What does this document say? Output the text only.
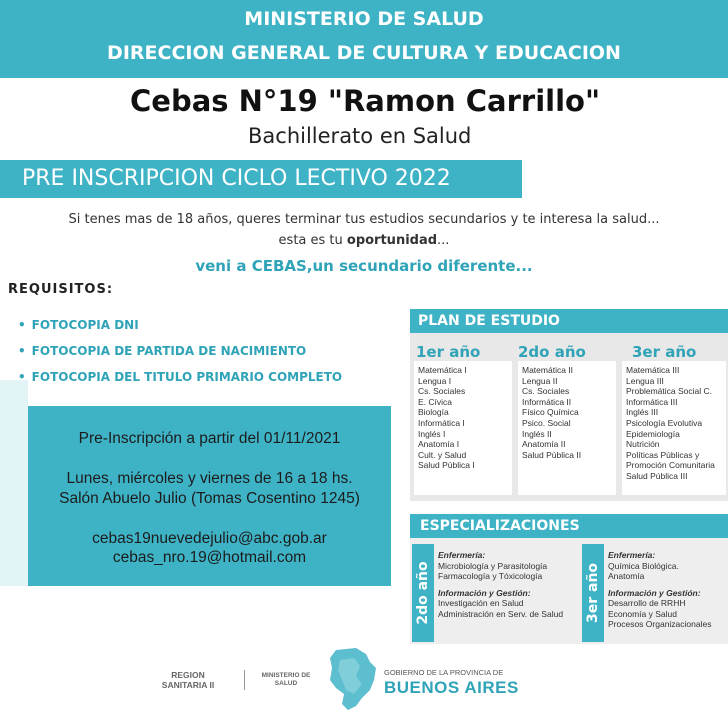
MINISTERIO DE SALUD
DIRECCION GENERAL DE CULTURA Y EDUCACION
Cebas N°19 "Ramon Carrillo"
Bachillerato en Salud
PRE INSCRIPCION CICLO LECTIVO 2022
Si tenes mas de 18 años, queres terminar tus estudios secundarios y te interesa la salud...
esta es tu oportunidad...
veni a CEBAS,un secundario diferente...
REQUISITOS:
• FOTOCOPIA DNI
• FOTOCOPIA DE PARTIDA DE NACIMIENTO
• FOTOCOPIA DEL TITULO PRIMARIO COMPLETO
Pre-Inscripción a partir del 01/11/2021
Lunes, miércoles y viernes de 16 a 18 hs.
Salón Abuelo Julio (Tomas Cosentino 1245)
cebas19nuevedejulio@abc.gob.ar
cebas_nro.19@hotmail.com
PLAN DE ESTUDIO
1er año	2do año	3er año
Matemática I
Lengua I
Cs. Sociales
E. Cívica
Biología
Informática I
Inglés I
Anatomía I
Cult. y Salud
Salud Pública I
Matemática II
Lengua II
Cs. Sociales
Informática II
Físico Química
Psico. Social
Inglés II
Anatomía II
Salud Pública II
Matemática III
Lengua III
Problemática Social C.
Informática III
Inglés III
Psicología Evolutiva
Epidemiología
Nutrición
Políticas Públicas y
Promoción Comunitaria
Salud Pública III
ESPECIALIZACIONES
2do año
Enfermería:
Microbiología y Parasitología
Farmacología y Tóxicología
Información y Gestión:
Investigación en Salud
Administración en Serv. de Salud 3er año
Enfermería:
Química Biológica.
Anatomía
Información y Gestión:
Desarrollo de RRHH
Economía y Salud
Procesos Organizacionales
REGION
SANITARIA II
MINISTERIO DE
SALUD
GOBIERNO DE LA PROVINCIA DE
BUENOS AIRES
